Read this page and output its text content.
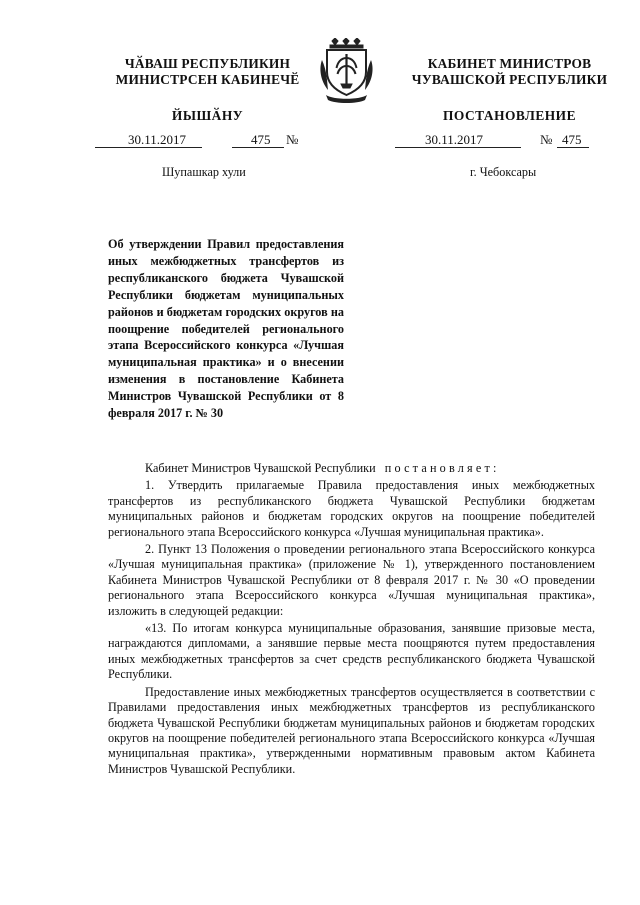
ЧӐВАШ РЕСПУБЛИКИН
МИНИСТРСЕН КАБИНЕЧӖ
ЙЫШӐНУ
КАБИНЕТ МИНИСТРОВ
ЧУВАШСКОЙ РЕСПУБЛИКИ
ПОСТАНОВЛЕНИЕ
30.11.2017	475 №	30.11.2017	№ 475
Шупашкар хули	г. Чебоксары
Об утверждении Правил предоставления иных межбюджетных трансфертов из республиканского бюджета Чувашской Республики бюджетам муниципальных районов и бюджетам городских округов на поощрение победителей регионального этапа Всероссийского конкурса «Лучшая муниципальная практика» и о внесении изменения в постановление Кабинета Министров Чувашской Республики от 8 февраля 2017 г. № 30

Кабинет Министров Чувашской Республики постановляет:

1. Утвердить прилагаемые Правила предоставления иных межбюджетных трансфертов из республиканского бюджета Чувашской Республики бюджетам муниципальных районов и бюджетам городских округов на поощрение победителей регионального этапа Всероссийского конкурса «Лучшая муниципальная практика».

2. Пункт 13 Положения о проведении регионального этапа Всероссийского конкурса «Лучшая муниципальная практика» (приложение № 1), утвержденного постановлением Кабинета Министров Чувашской Республики от 8 февраля 2017 г. № 30 «О проведении регионального этапа Всероссийского конкурса «Лучшая муниципальная практика», изложить в следующей редакции:

«13. По итогам конкурса муниципальные образования, занявшие призовые места, награждаются дипломами, а занявшие первые места поощряются путем предоставления иных межбюджетных трансфертов за счет средств республиканского бюджета Чувашской Республики.

Предоставление иных межбюджетных трансфертов осуществляется в соответствии с Правилами предоставления иных межбюджетных трансфертов из республиканского бюджета Чувашской Республики бюджетам муниципальных районов и бюджетам городских округов на поощрение победителей регионального этапа Всероссийского конкурса «Лучшая муниципальная практика», утвержденными нормативным правовым актом Кабинета Министров Чувашской Республики.
